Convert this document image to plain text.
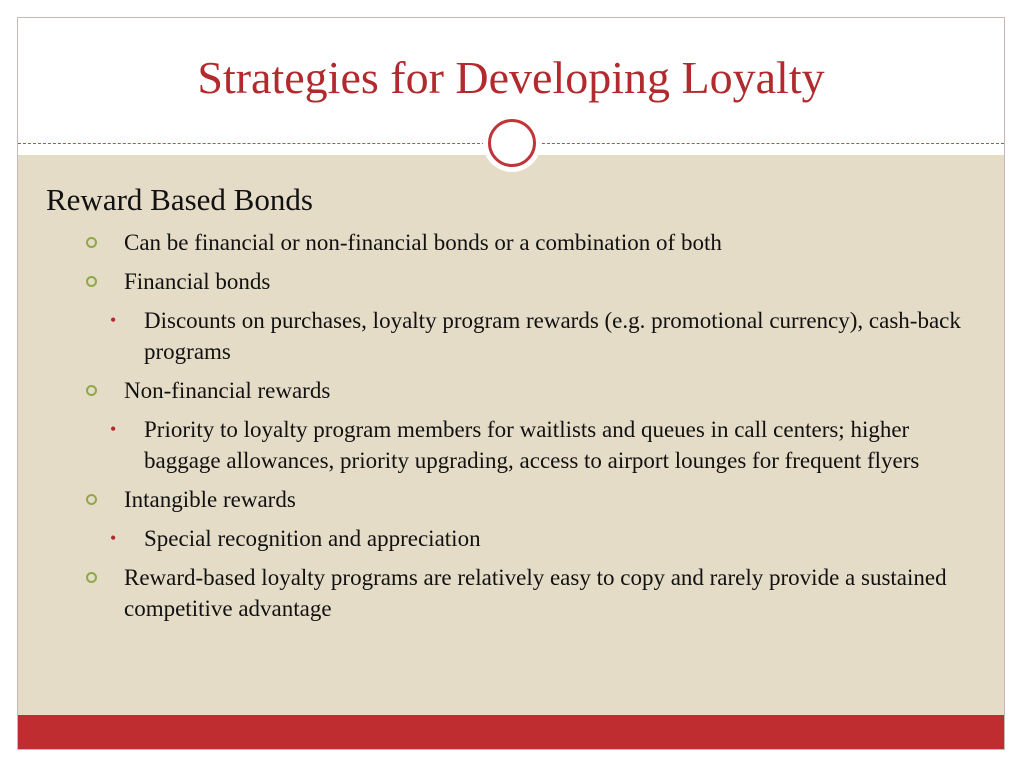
Strategies for Developing Loyalty
Reward Based Bonds
Can be financial or non-financial bonds or a combination of both
Financial bonds
• Discounts on purchases, loyalty program rewards (e.g. promotional currency), cash-back programs
Non-financial rewards
• Priority to loyalty program members for waitlists and queues in call centers; higher baggage allowances, priority upgrading, access to airport lounges for frequent flyers
Intangible rewards
• Special recognition and appreciation
Reward-based loyalty programs are relatively easy to copy and rarely provide a sustained competitive advantage
